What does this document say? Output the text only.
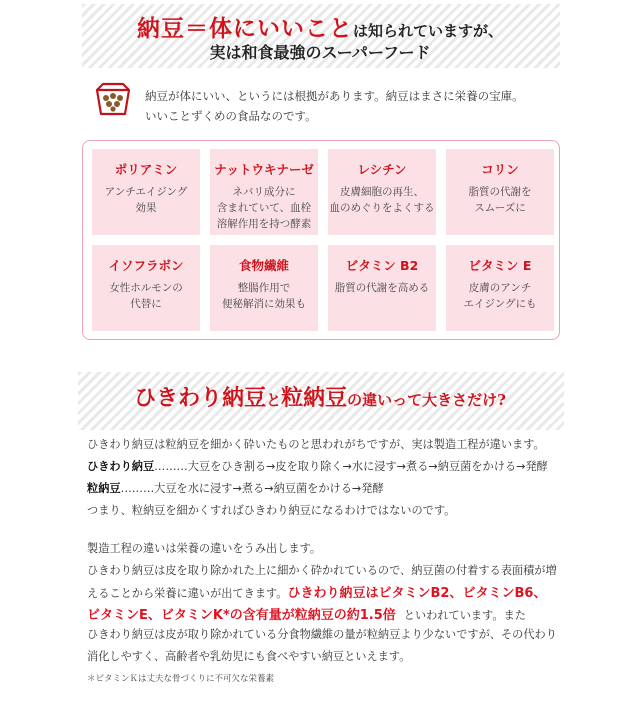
納豆＝体にいいことは知られていますが、
実は和食最強のスーパーフード
納豆が体にいい、というには根拠があります。納豆はまさに栄養の宝庫。
いいことずくめの食品なのです。
ポリアミン
アンチエイジング
効果
ナットウキナーゼ
ネバリ成分に
含まれていて、血栓
溶解作用を持つ酵素
レシチン
皮膚細胞の再生、
血のめぐりをよくする
コリン
脂質の代謝を
スムーズに
イソフラボン
女性ホルモンの
代替に
食物繊維
整腸作用で
便秘解消に効果も
ビタミン B2
脂質の代謝を高める
ビタミン E
皮膚のアンチ
エイジングにも
ひきわり納豆と粒納豆の違いって大きさだけ?
ひきわり納豆は粒納豆を細かく砕いたものと思われがちですが、実は製造工程が違います。
ひきわり納豆………大豆をひき割る→皮を取り除く→水に浸す→煮る→納豆菌をかける→発酵
粒納豆………大豆を水に浸す→煮る→納豆菌をかける→発酵
つまり、粒納豆を細かくすればひきわり納豆になるわけではないのです。
製造工程の違いは栄養の違いをうみ出します。
ひきわり納豆は皮を取り除かれた上に細かく砕かれているので、納豆菌の付着する表面積が増
えることから栄養に違いが出てきます。ひきわり納豆はビタミンB2、ビタミンB6、
ビタミンE、ビタミンK*の含有量が粒納豆の約1.5倍 といわれています。また
ひきわり納豆は皮が取り除かれている分食物繊維の量が粒納豆より少ないですが、その代わり
消化しやすく、高齢者や乳幼児にも食べやすい納豆といえます。
＊ビタミンＫは丈夫な骨づくりに不可欠な栄養素
